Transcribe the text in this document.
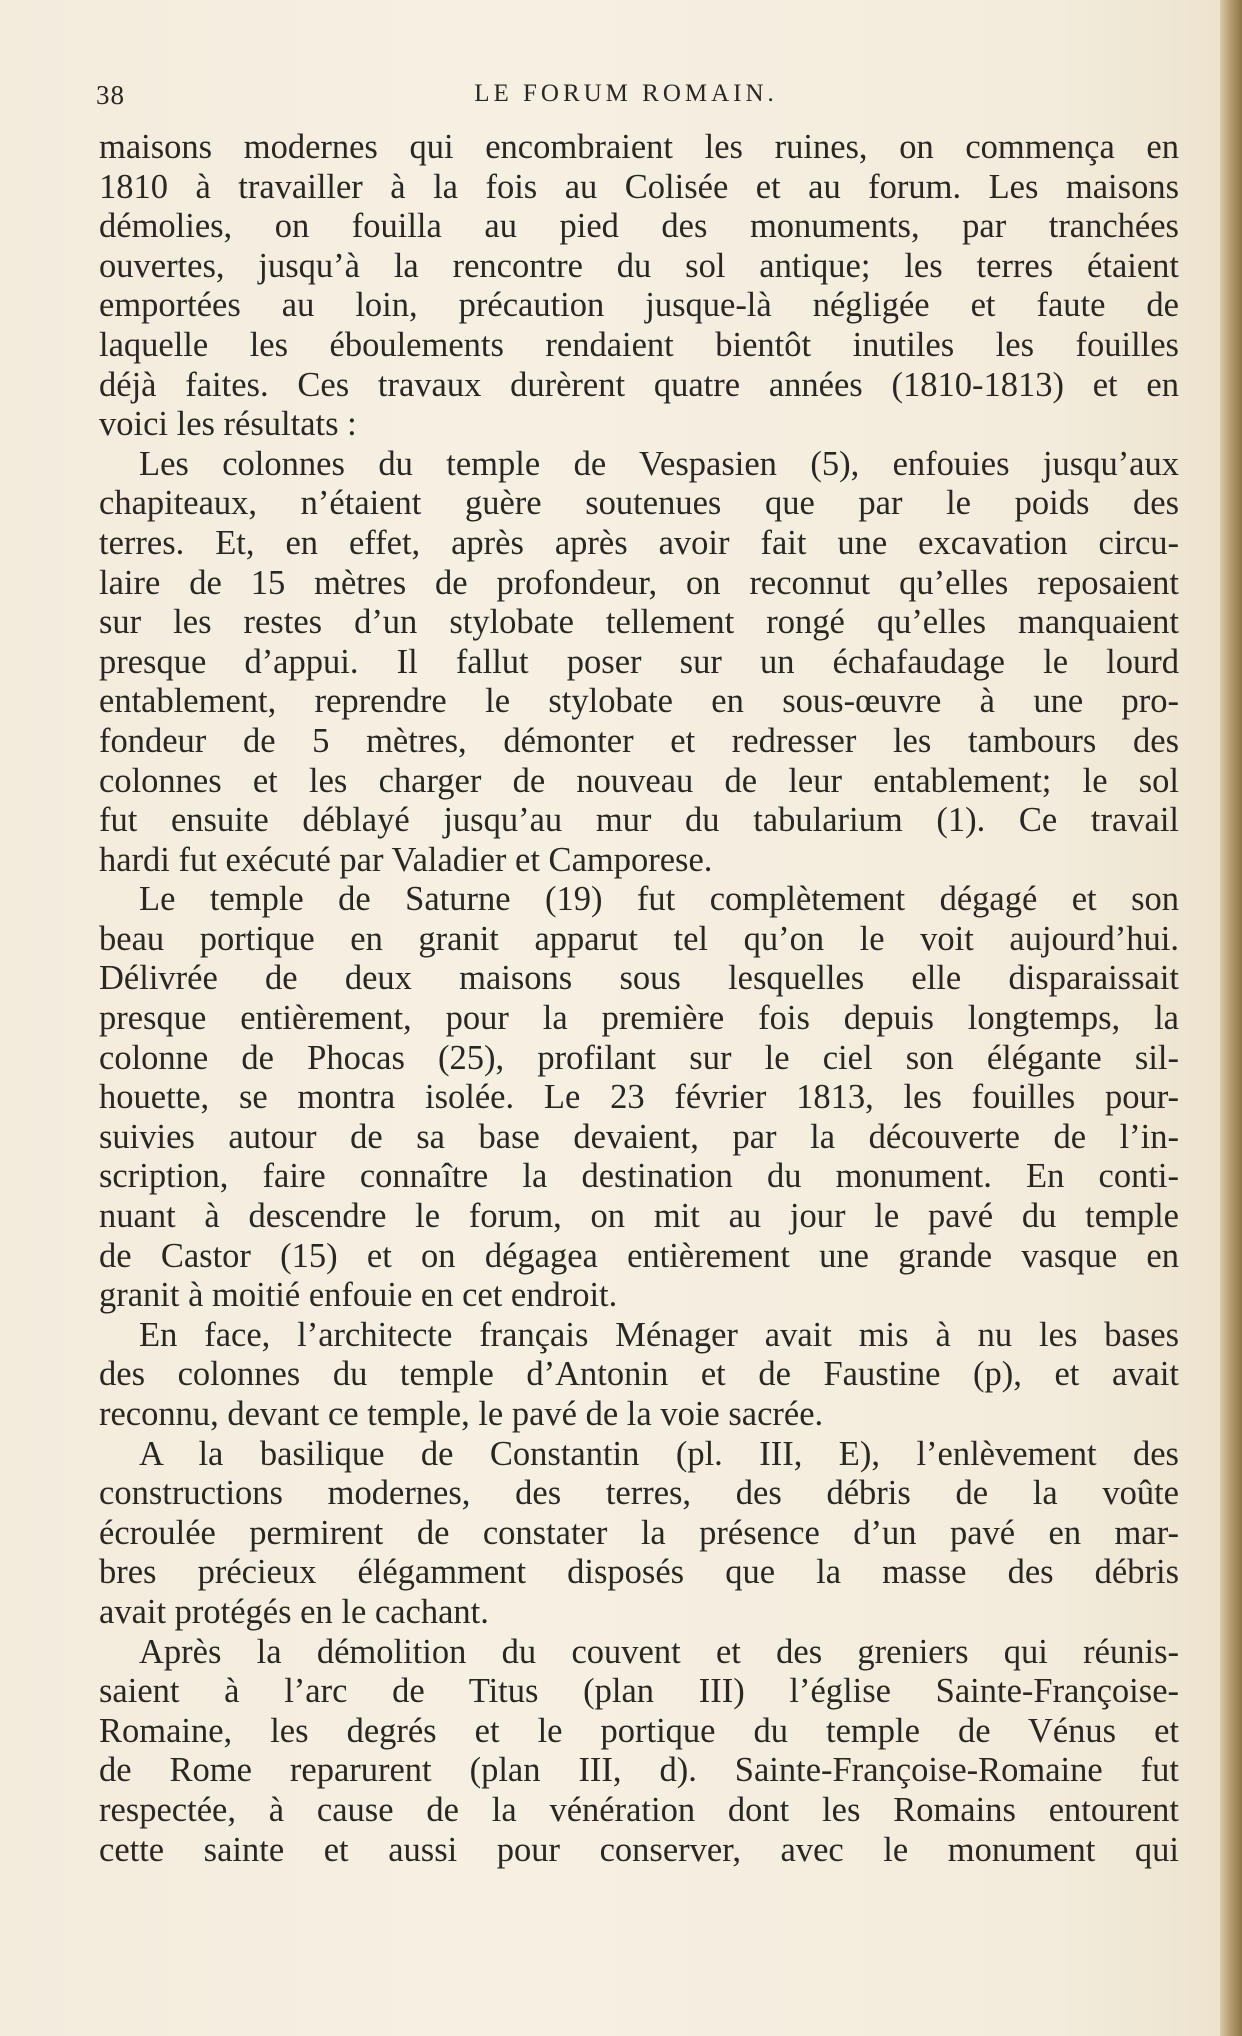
38	LE FORUM ROMAIN.
maisons modernes qui encombraient les ruines, on commença en
1810 à travailler à la fois au Colisée et au forum. Les maisons
démolies, on fouilla au pied des monuments, par tranchées
ouvertes, jusqu’à la rencontre du sol antique; les terres étaient
emportées au loin, précaution jusque-là négligée et faute de
laquelle les éboulements rendaient bientôt inutiles les fouilles
déjà faites. Ces travaux durèrent quatre années (1810-1813) et en
voici les résultats :
Les colonnes du temple de Vespasien (5), enfouies jusqu’aux
chapiteaux, n’étaient guère soutenues que par le poids des
terres. Et, en effet, après après avoir fait une excavation circu-
laire de 15 mètres de profondeur, on reconnut qu’elles reposaient
sur les restes d’un stylobate tellement rongé qu’elles manquaient
presque d’appui. Il fallut poser sur un échafaudage le lourd
entablement, reprendre le stylobate en sous-œuvre à une pro-
fondeur de 5 mètres, démonter et redresser les tambours des
colonnes et les charger de nouveau de leur entablement; le sol
fut ensuite déblayé jusqu’au mur du tabularium (1). Ce travail
hardi fut exécuté par Valadier et Camporese.
Le temple de Saturne (19) fut complètement dégagé et son
beau portique en granit apparut tel qu’on le voit aujourd’hui.
Délivrée de deux maisons sous lesquelles elle disparaissait
presque entièrement, pour la première fois depuis longtemps, la
colonne de Phocas (25), profilant sur le ciel son élégante sil-
houette, se montra isolée. Le 23 février 1813, les fouilles pour-
suivies autour de sa base devaient, par la découverte de l’in-
scription, faire connaître la destination du monument. En conti-
nuant à descendre le forum, on mit au jour le pavé du temple
de Castor (15) et on dégagea entièrement une grande vasque en
granit à moitié enfouie en cet endroit.
En face, l’architecte français Ménager avait mis à nu les bases
des colonnes du temple d’Antonin et de Faustine (p), et avait
reconnu, devant ce temple, le pavé de la voie sacrée.
A la basilique de Constantin (pl. III, E), l’enlèvement des
constructions modernes, des terres, des débris de la voûte
écroulée permirent de constater la présence d’un pavé en mar-
bres précieux élégamment disposés que la masse des débris
avait protégés en le cachant.
Après la démolition du couvent et des greniers qui réunis-
saient à l’arc de Titus (plan III) l’église Sainte-Françoise-
Romaine, les degrés et le portique du temple de Vénus et
de Rome reparurent (plan III, d). Sainte-Françoise-Romaine fut
respectée, à cause de la vénération dont les Romains entourent
cette sainte et aussi pour conserver, avec le monument qui
